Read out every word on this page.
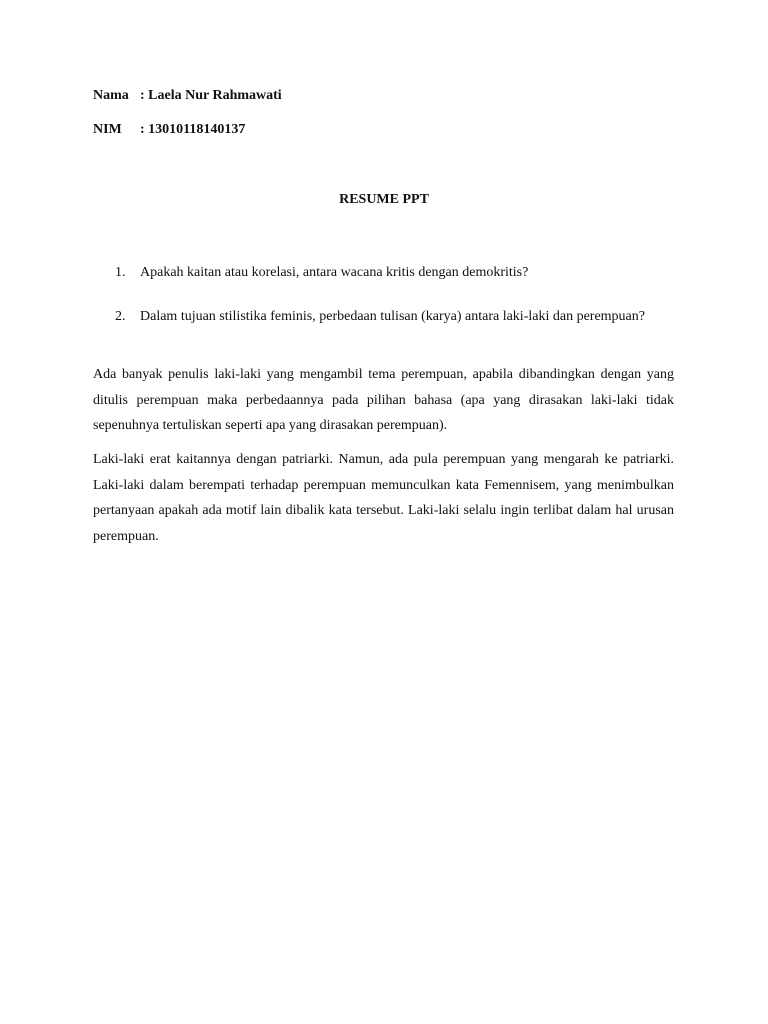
Nama : Laela Nur Rahmawati
NIM : 13010118140137
RESUME PPT
1. Apakah kaitan atau korelasi, antara wacana kritis dengan demokritis?
2. Dalam tujuan stilistika feminis, perbedaan tulisan (karya) antara laki-laki dan perempuan?

Ada banyak penulis laki-laki yang mengambil tema perempuan, apabila dibandingkan dengan yang ditulis perempuan maka perbedaannya pada pilihan bahasa (apa yang dirasakan laki-laki tidak sepenuhnya tertuliskan seperti apa yang dirasakan perempuan).

Laki-laki erat kaitannya dengan patriarki. Namun, ada pula perempuan yang mengarah ke patriarki. Laki-laki dalam berempati terhadap perempuan memunculkan kata Femennisem, yang menimbulkan pertanyaan apakah ada motif lain dibalik kata tersebut. Laki-laki selalu ingin terlibat dalam hal urusan perempuan.
